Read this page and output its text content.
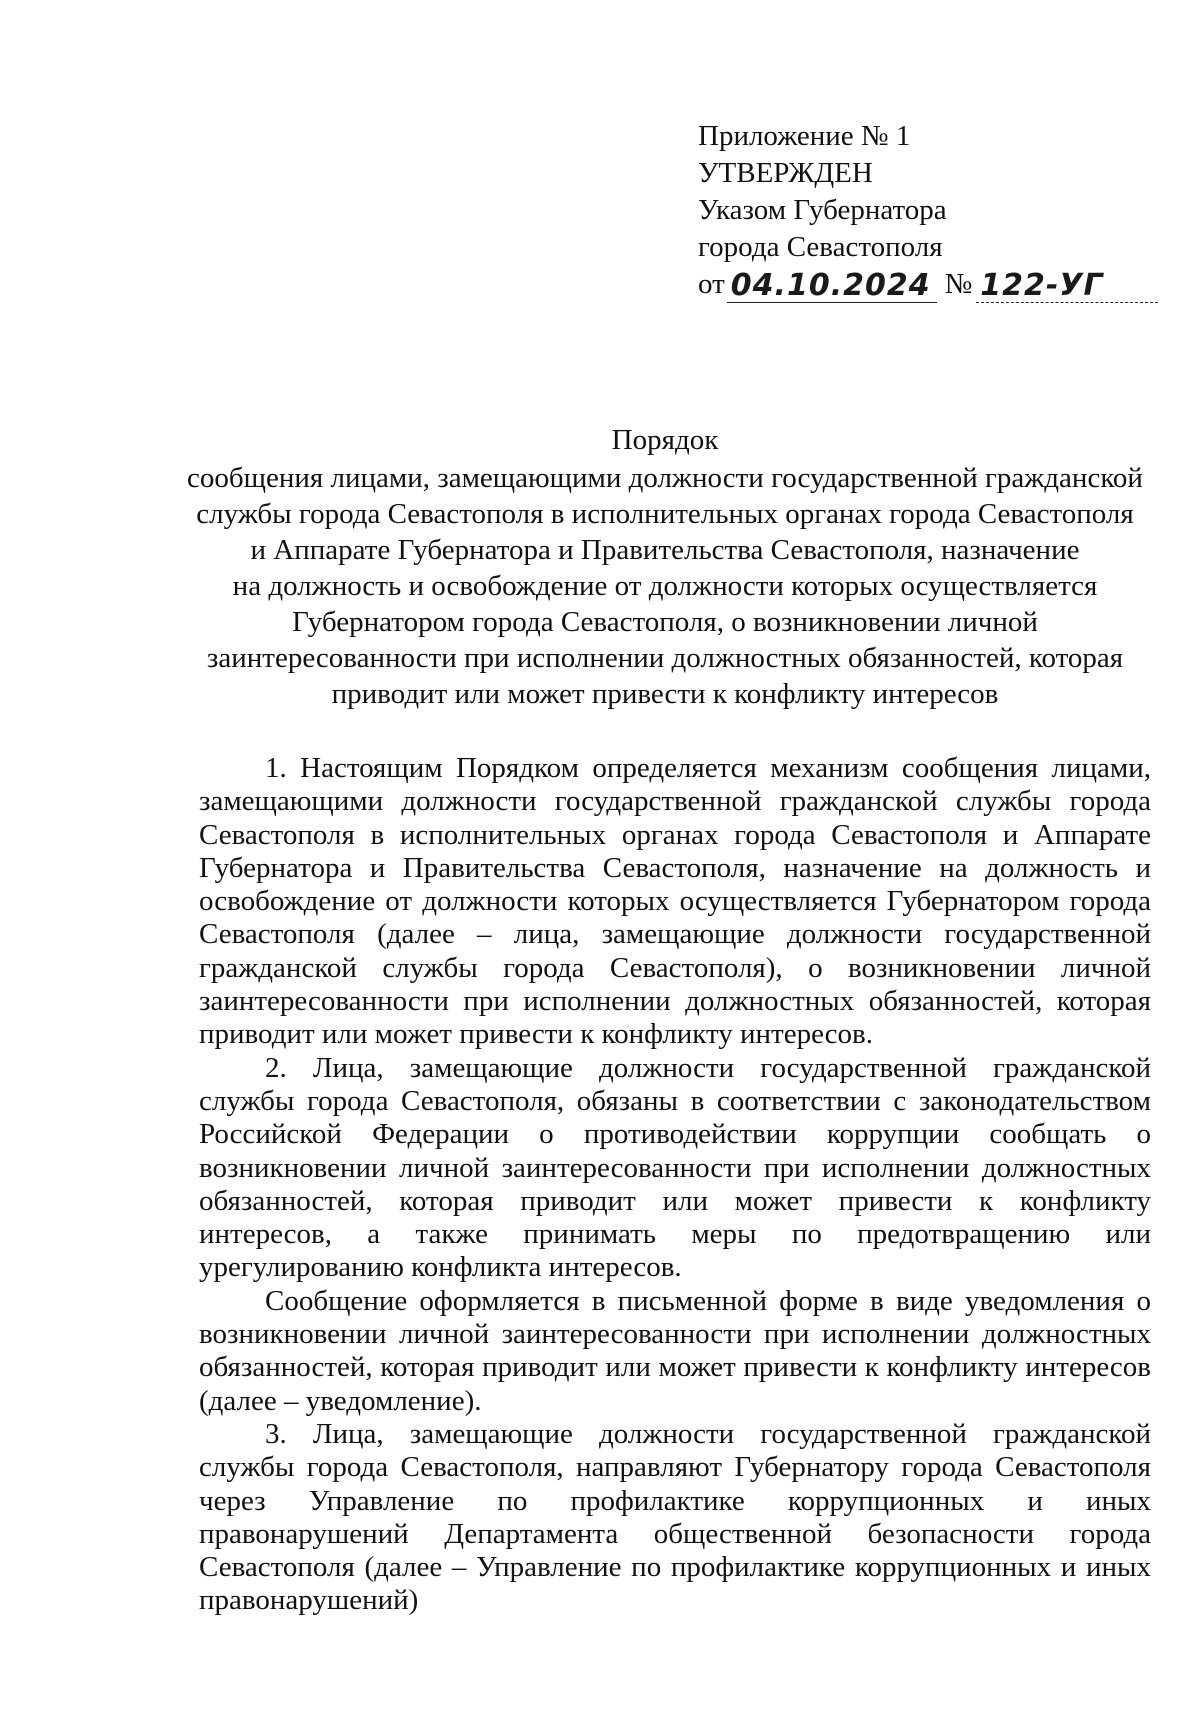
Приложение № 1
УТВЕРЖДЕН
Указом Губернатора
города Севастополя
от 04.10.2024 № 122-УГ
Порядок
сообщения лицами, замещающими должности государственной гражданской
службы города Севастополя в исполнительных органах города Севастополя
и Аппарате Губернатора и Правительства Севастополя, назначение
на должность и освобождение от должности которых осуществляется
Губернатором города Севастополя, о возникновении личной
заинтересованности при исполнении должностных обязанностей, которая
приводит или может привести к конфликту интересов

1. Настоящим Порядком определяется механизм сообщения лицами, замещающими должности государственной гражданской службы города Севастополя в исполнительных органах города Севастополя и Аппарате Губернатора и Правительства Севастополя, назначение на должность и освобождение от должности которых осуществляется Губернатором города Севастополя (далее – лица, замещающие должности государственной гражданской службы города Севастополя), о возникновении личной заинтересованности при исполнении должностных обязанностей, которая приводит или может привести к конфликту интересов.

2. Лица, замещающие должности государственной гражданской службы города Севастополя, обязаны в соответствии с законодательством Российской Федерации о противодействии коррупции сообщать о возникновении личной заинтересованности при исполнении должностных обязанностей, которая приводит или может привести к конфликту интересов, а также принимать меры по предотвращению или урегулированию конфликта интересов.

Сообщение оформляется в письменной форме в виде уведомления о возникновении личной заинтересованности при исполнении должностных обязанностей, которая приводит или может привести к конфликту интересов (далее – уведомление).

3. Лица, замещающие должности государственной гражданской службы города Севастополя, направляют Губернатору города Севастополя через Управление по профилактике коррупционных и иных правонарушений Департамента общественной безопасности города Севастополя (далее – Управление по профилактике коррупционных и иных правонарушений)
